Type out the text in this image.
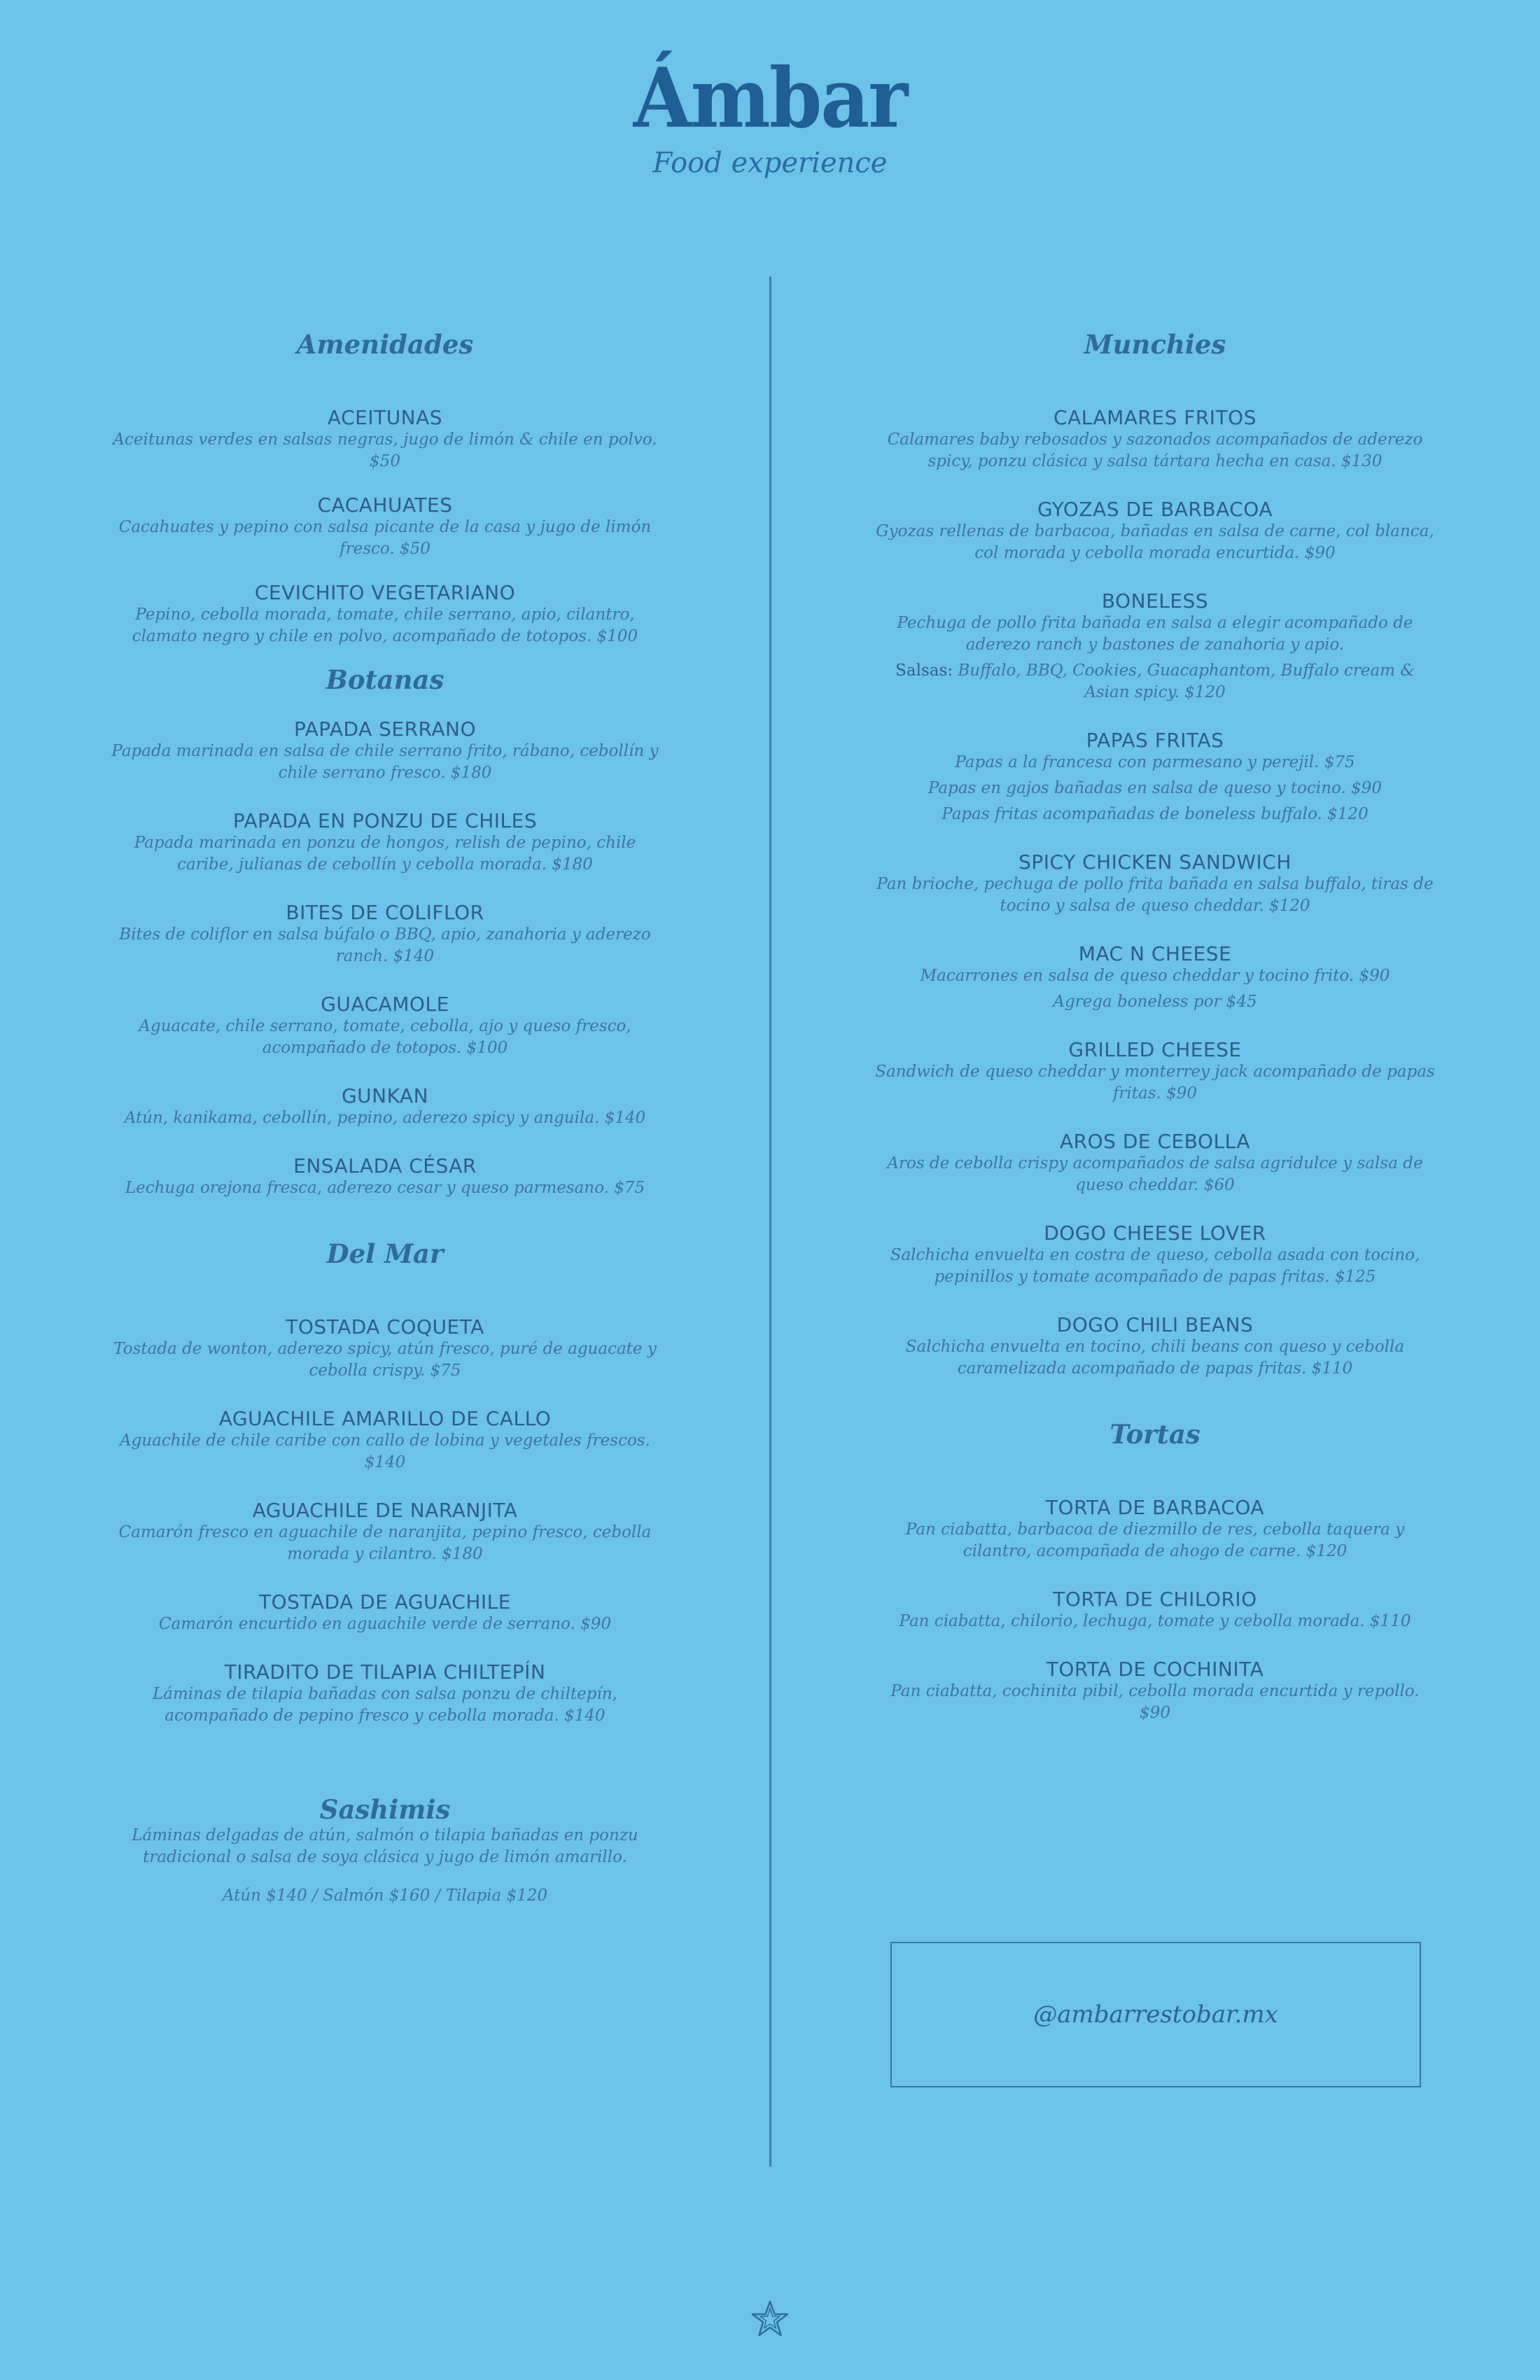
Ámbar
Food experience
Amenidades
ACEITUNAS
Aceitunas verdes en salsas negras, jugo de limón & chile en polvo. $50
CACAHUATES
Cacahuates y pepino con salsa picante de la casa y jugo de limón fresco. $50
CEVICHITO VEGETARIANO
Pepino, cebolla morada, tomate, chile serrano, apio, cilantro, clamato negro y chile en polvo, acompañado de totopos. $100
Botanas
PAPADA SERRANO
Papada marinada en salsa de chile serrano frito, rábano, cebollín y chile serrano fresco. $180
PAPADA EN PONZU DE CHILES
Papada marinada en ponzu de hongos, relish de pepino, chile caribe, julianas de cebollín y cebolla morada. $180
BITES DE COLIFLOR
Bites de coliflor en salsa búfalo o BBQ, apio, zanahoria y aderezo ranch. $140
GUACAMOLE
Aguacate, chile serrano, tomate, cebolla, ajo y queso fresco, acompañado de totopos. $100
GUNKAN
Atún, kanikama, cebollín, pepino, aderezo spicy y anguila. $140
ENSALADA CÉSAR
Lechuga orejona fresca, aderezo cesar y queso parmesano. $75
Del Mar
TOSTADA COQUETA
Tostada de wonton, aderezo spicy, atún fresco, puré de aguacate y cebolla crispy. $75
AGUACHILE AMARILLO DE CALLO
Aguachile de chile caribe con callo de lobina y vegetales frescos. $140
AGUACHILE DE NARANJITA
Camarón fresco en aguachile de naranjita, pepino fresco, cebolla morada y cilantro. $180
TOSTADA DE AGUACHILE
Camarón encurtido en aguachile verde de serrano. $90
TIRADITO DE TILAPIA CHILTEPÍN
Láminas de tilapia bañadas con salsa ponzu de chiltepín, acompañado de pepino fresco y cebolla morada. $140
Sashimis
Láminas delgadas de atún, salmón o tilapia bañadas en ponzu tradicional o salsa de soya clásica y jugo de limón amarillo.
Atún $140 / Salmón $160 / Tilapia $120
Munchies
CALAMARES FRITOS
Calamares baby rebosados y sazonados acompañados de aderezo spicy, ponzu clásica y salsa tártara hecha en casa. $130
GYOZAS DE BARBACOA
Gyozas rellenas de barbacoa, bañadas en salsa de carne, col blanca, col morada y cebolla morada encurtida. $90
BONELESS
Pechuga de pollo frita bañada en salsa a elegir acompañado de aderezo ranch y bastones de zanahoria y apio.
Salsas: Buffalo, BBQ, Cookies, Guacaphantom, Buffalo cream & Asian spicy. $120
PAPAS FRITAS
Papas a la francesa con parmesano y perejil. $75
Papas en gajos bañadas en salsa de queso y tocino. $90
Papas fritas acompañadas de boneless buffalo. $120
SPICY CHICKEN SANDWICH
Pan brioche, pechuga de pollo frita bañada en salsa buffalo, tiras de tocino y salsa de queso cheddar. $120
MAC N CHEESE
Macarrones en salsa de queso cheddar y tocino frito. $90
Agrega boneless por $45
GRILLED CHEESE
Sandwich de queso cheddar y monterrey jack acompañado de papas fritas. $90
AROS DE CEBOLLA
Aros de cebolla crispy acompañados de salsa agridulce y salsa de queso cheddar. $60
DOGO CHEESE LOVER
Salchicha envuelta en costra de queso, cebolla asada con tocino, pepinillos y tomate acompañado de papas fritas. $125
DOGO CHILI BEANS
Salchicha envuelta en tocino, chili beans con queso y cebolla caramelizada acompañado de papas fritas. $110
Tortas
TORTA DE BARBACOA
Pan ciabatta, barbacoa de diezmillo de res, cebolla taquera y cilantro, acompañada de ahogo de carne. $120
TORTA DE CHILORIO
Pan ciabatta, chilorio, lechuga, tomate y cebolla morada. $110
TORTA DE COCHINITA
Pan ciabatta, cochinita pibil, cebolla morada encurtida y repollo. $90
@ambarrestobar.mx
